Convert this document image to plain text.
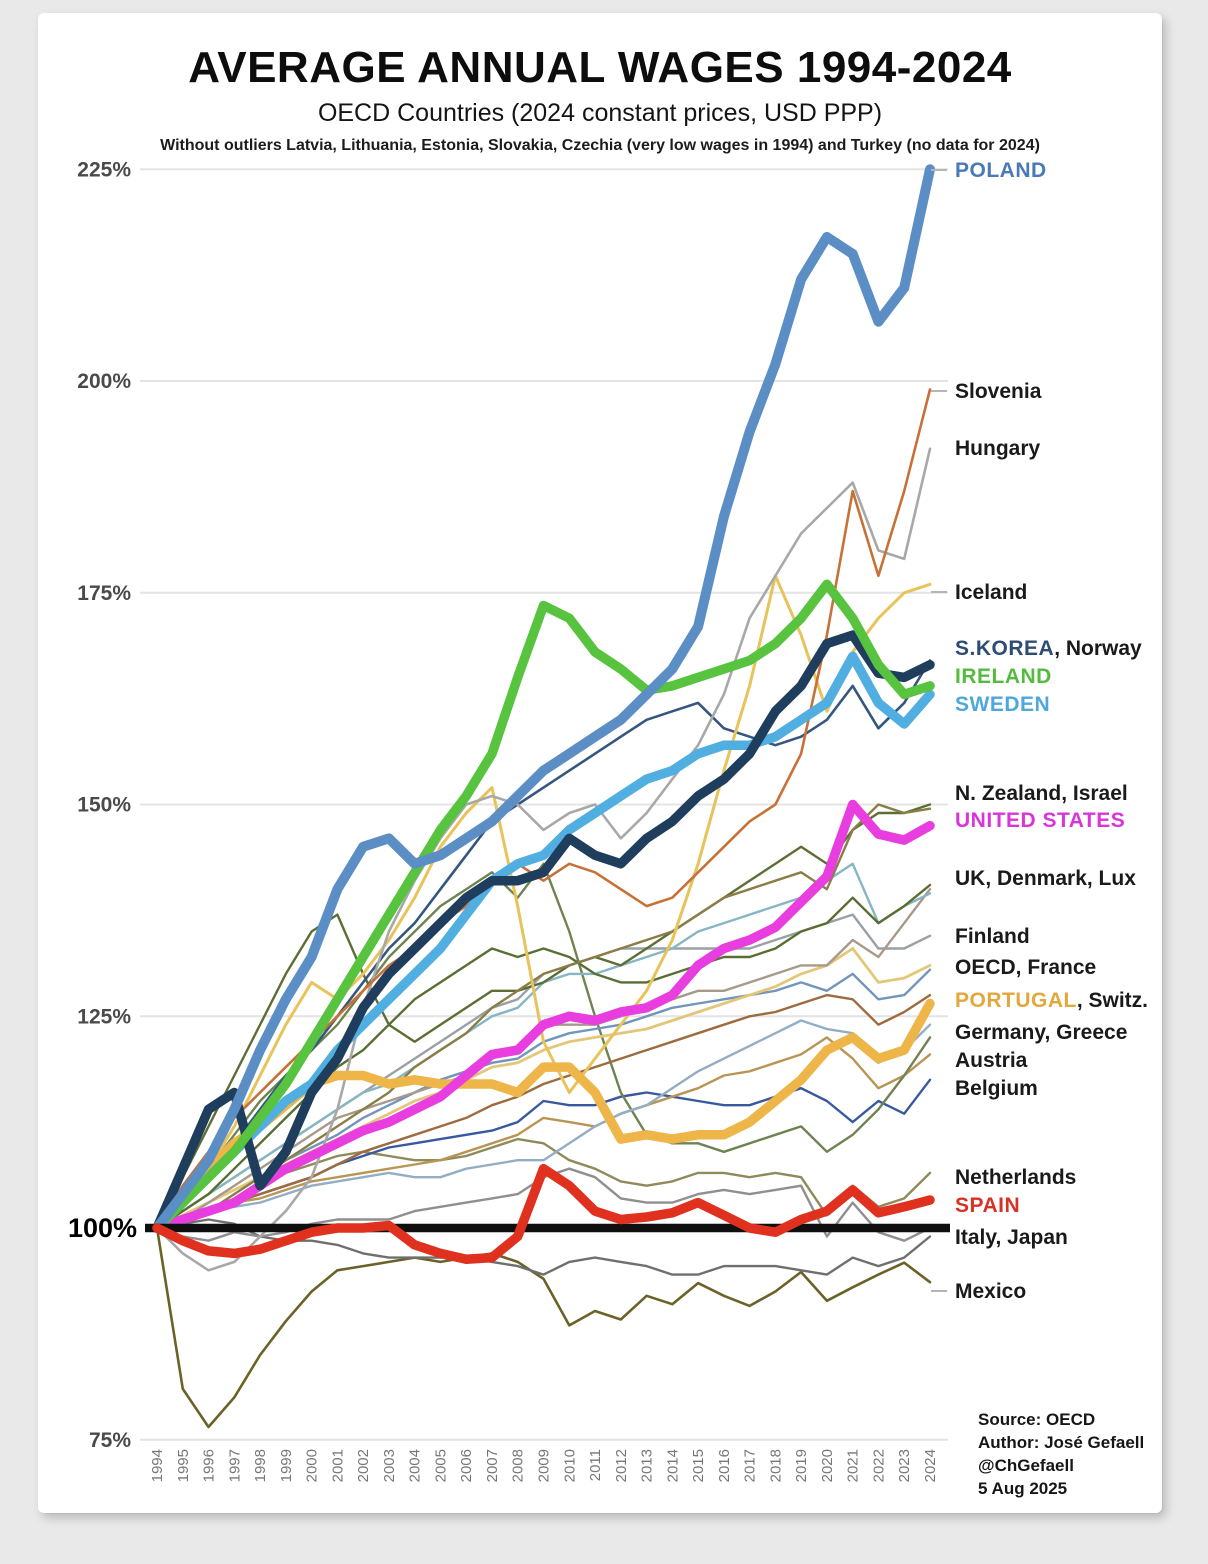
AVERAGE ANNUAL WAGES 1994-2024
OECD Countries (2024 constant prices, USD PPP)
Without outliers Latvia, Lithuania, Estonia, Slovakia, Czechia (very low wages in 1994) and Turkey (no data for 2024)
225%
200%
175%
150%
125%
100%
75%
1994 1995 1996 1997 1998 1999 2000 2001 2002 2003 2004 2005 2006 2007 2008 2009 2010 2011 2012 2013 2014 2015 2016 2017 2018 2019 2020 2021 2022 2023 2024
POLAND
Slovenia
Hungary
Iceland
S.KOREA, Norway
IRELAND
SWEDEN
N. Zealand, Israel
UNITED STATES
UK, Denmark, Lux
Finland
OECD, France
PORTUGAL, Switz.
Germany, Greece
Austria
Belgium
Netherlands
SPAIN
Italy, Japan
Mexico
Source: OECD
Author: José Gefaell
@ChGefaell
5 Aug 2025
